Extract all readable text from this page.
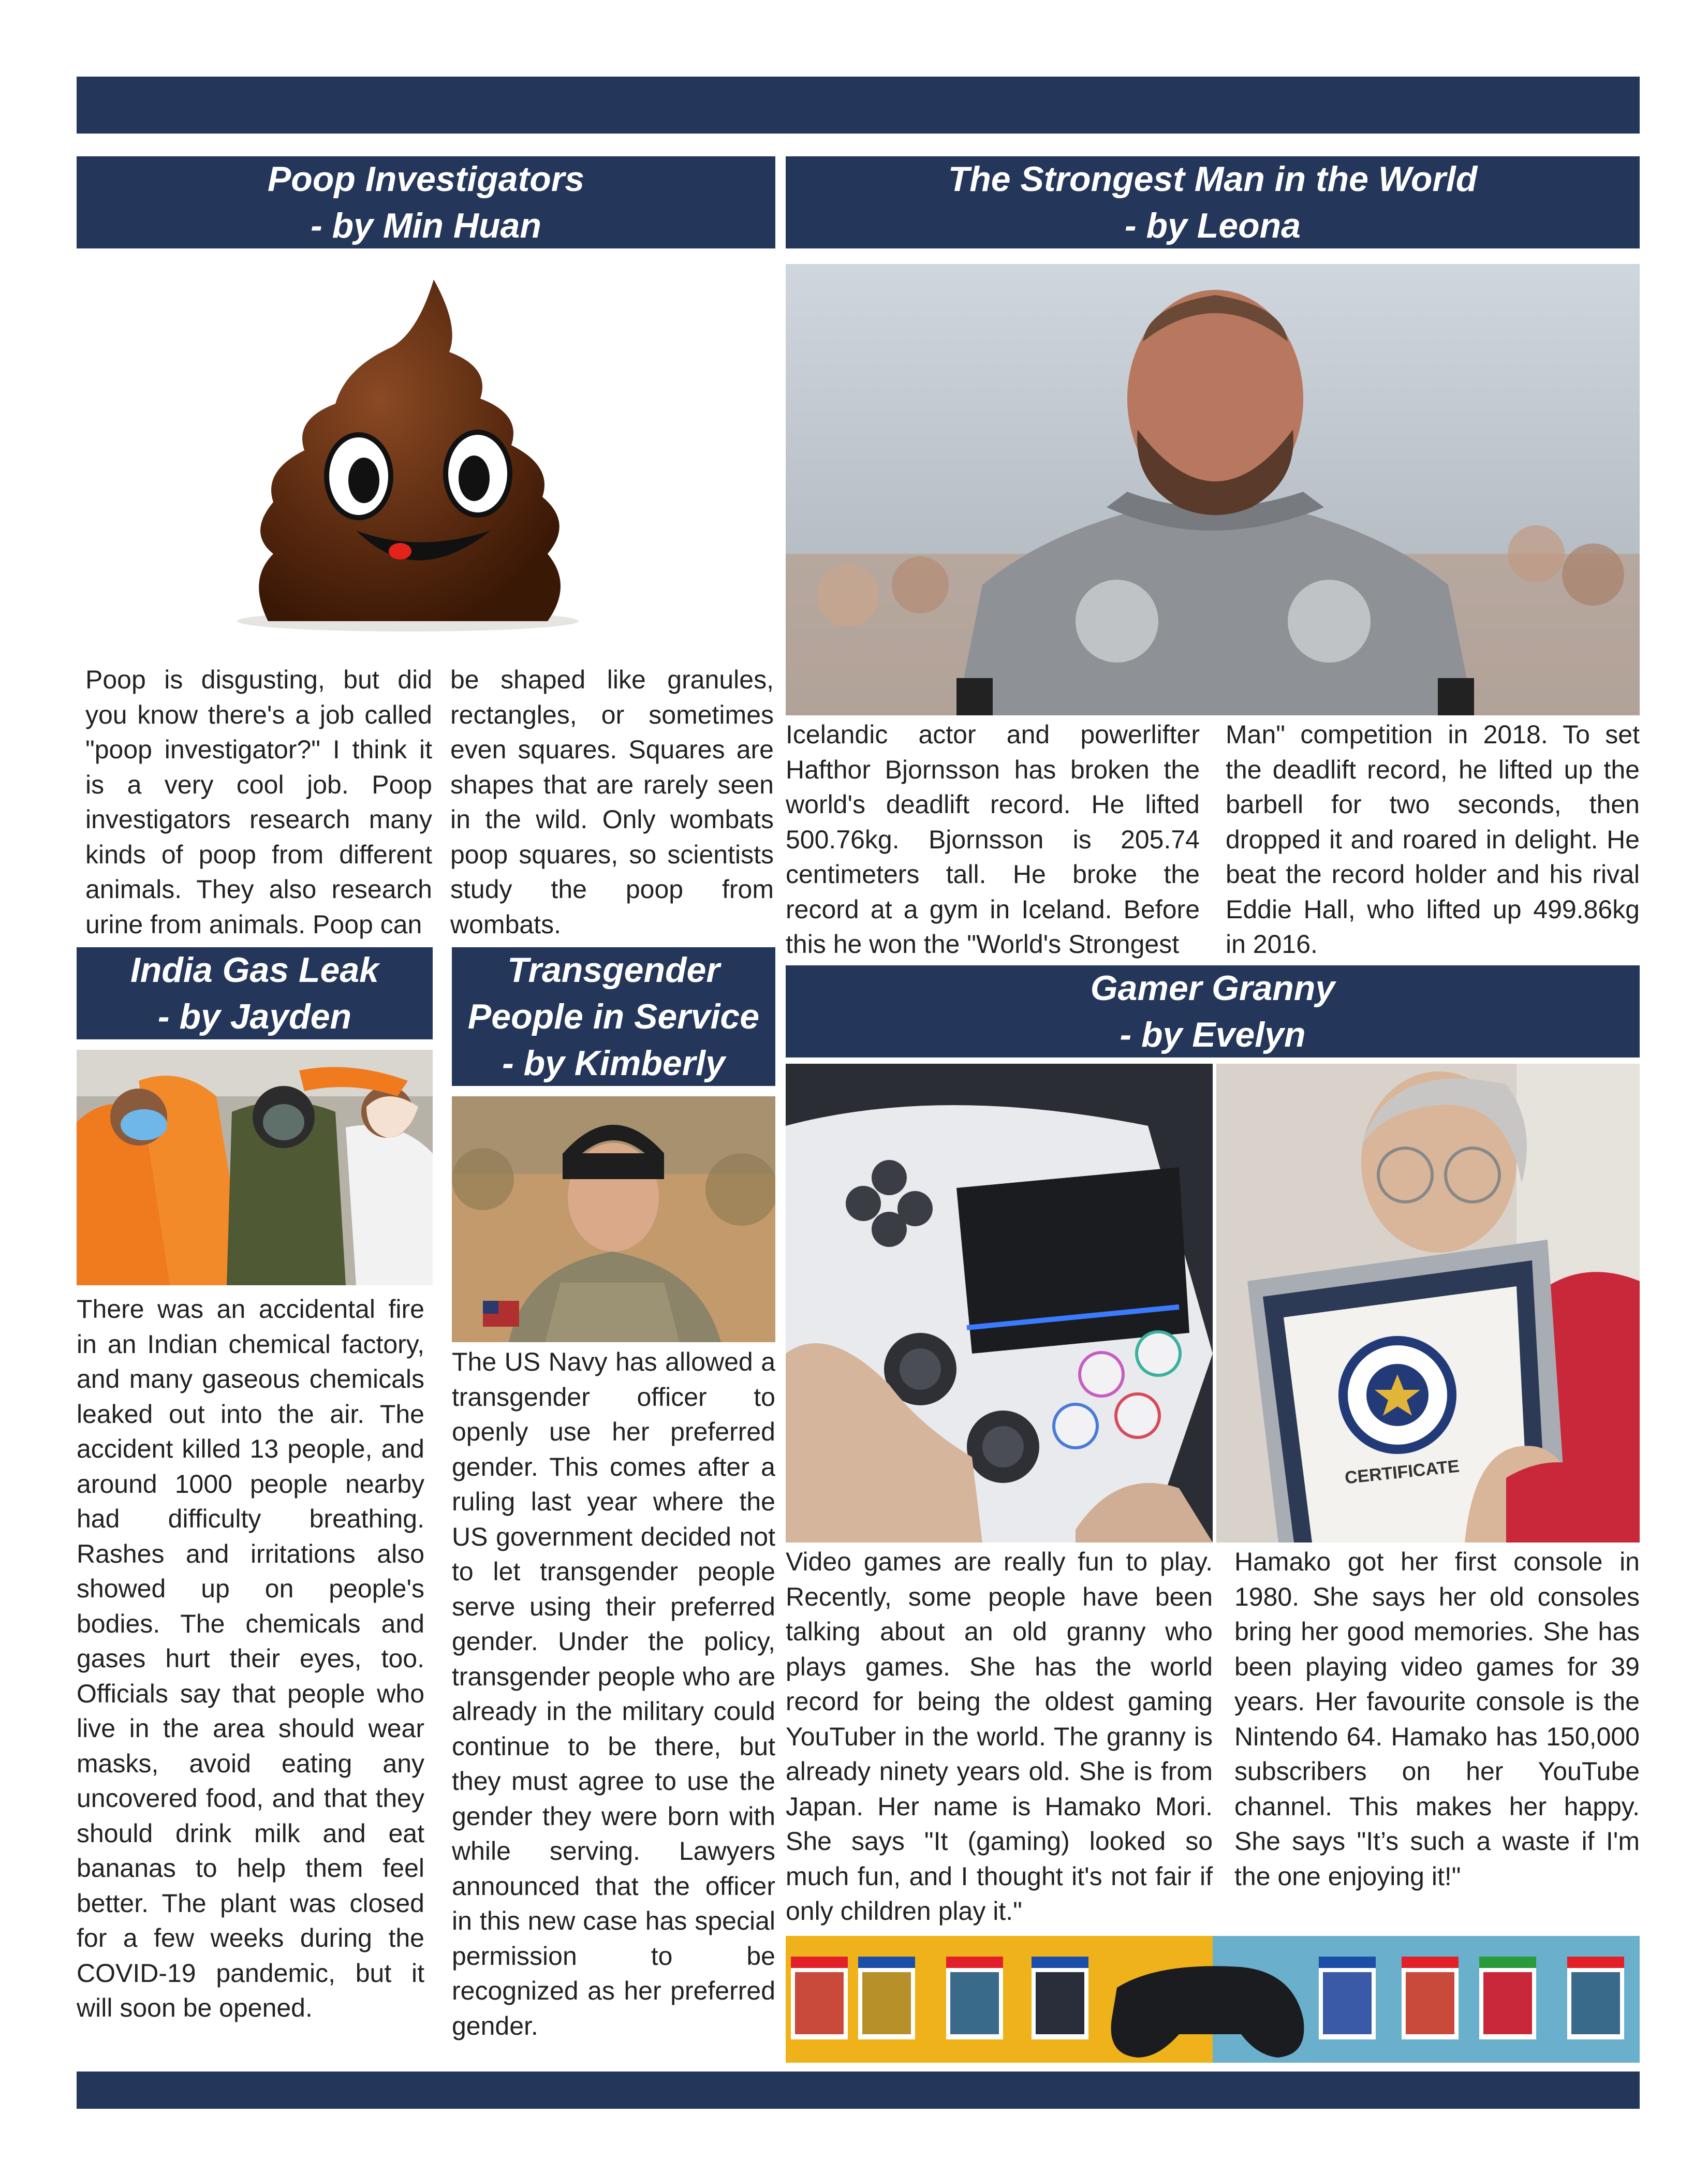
Poop Investigators
- by Min Huan

Poop is disgusting, but did you know there's a job called "poop investigator?" I think it is a very cool job. Poop investigators research many kinds of poop from different animals. They also research urine from animals. Poop can

be shaped like granules, rectangles, or sometimes even squares. Squares are shapes that are rarely seen in the wild. Only wombats poop squares, so scientists study the poop from wombats.

The Strongest Man in the World
- by Leona

Icelandic actor and powerlifter Hafthor Bjornsson has broken the world's deadlift record. He lifted 500.76kg. Bjornsson is 205.74 centimeters tall. He broke the record at a gym in Iceland. Before this he won the "World's Strongest

Man" competition in 2018. To set the deadlift record, he lifted up the barbell for two seconds, then dropped it and roared in delight. He beat the record holder and his rival Eddie Hall, who lifted up 499.86kg in 2016.

India Gas Leak
- by Jayden

There was an accidental fire in an Indian chemical factory, and many gaseous chemicals leaked out into the air. The accident killed 13 people, and around 1000 people nearby had difficulty breathing. Rashes and irritations also showed up on people's bodies. The chemicals and gases hurt their eyes, too. Officials say that people who live in the area should wear masks, avoid eating any uncovered food, and that they should drink milk and eat bananas to help them feel better. The plant was closed for a few weeks during the COVID-19 pandemic, but it will soon be opened.

Transgender
People in Service
- by Kimberly

The US Navy has allowed a transgender officer to openly use her preferred gender. This comes after a ruling last year where the US government decided not to let transgender people serve using their preferred gender. Under the policy, transgender people who are already in the military could continue to be there, but they must agree to use the gender they were born with while serving. Lawyers announced that the officer in this new case has special permission to be recognized as her preferred gender.

Gamer Granny
- by Evelyn
CERTIFICATE

Video games are really fun to play. Recently, some people have been talking about an old granny who plays games. She has the world record for being the oldest gaming YouTuber in the world. The granny is already ninety years old. She is from Japan. Her name is Hamako Mori. She says "It (gaming) looked so much fun, and I thought it's not fair if only children play it."

Hamako got her first console in 1980. She says her old consoles bring her good memories. She has been playing video games for 39 years. Her favourite console is the Nintendo 64. Hamako has 150,000 subscribers on her YouTube channel. This makes her happy. She says "It’s such a waste if I'm the one enjoying it!"
